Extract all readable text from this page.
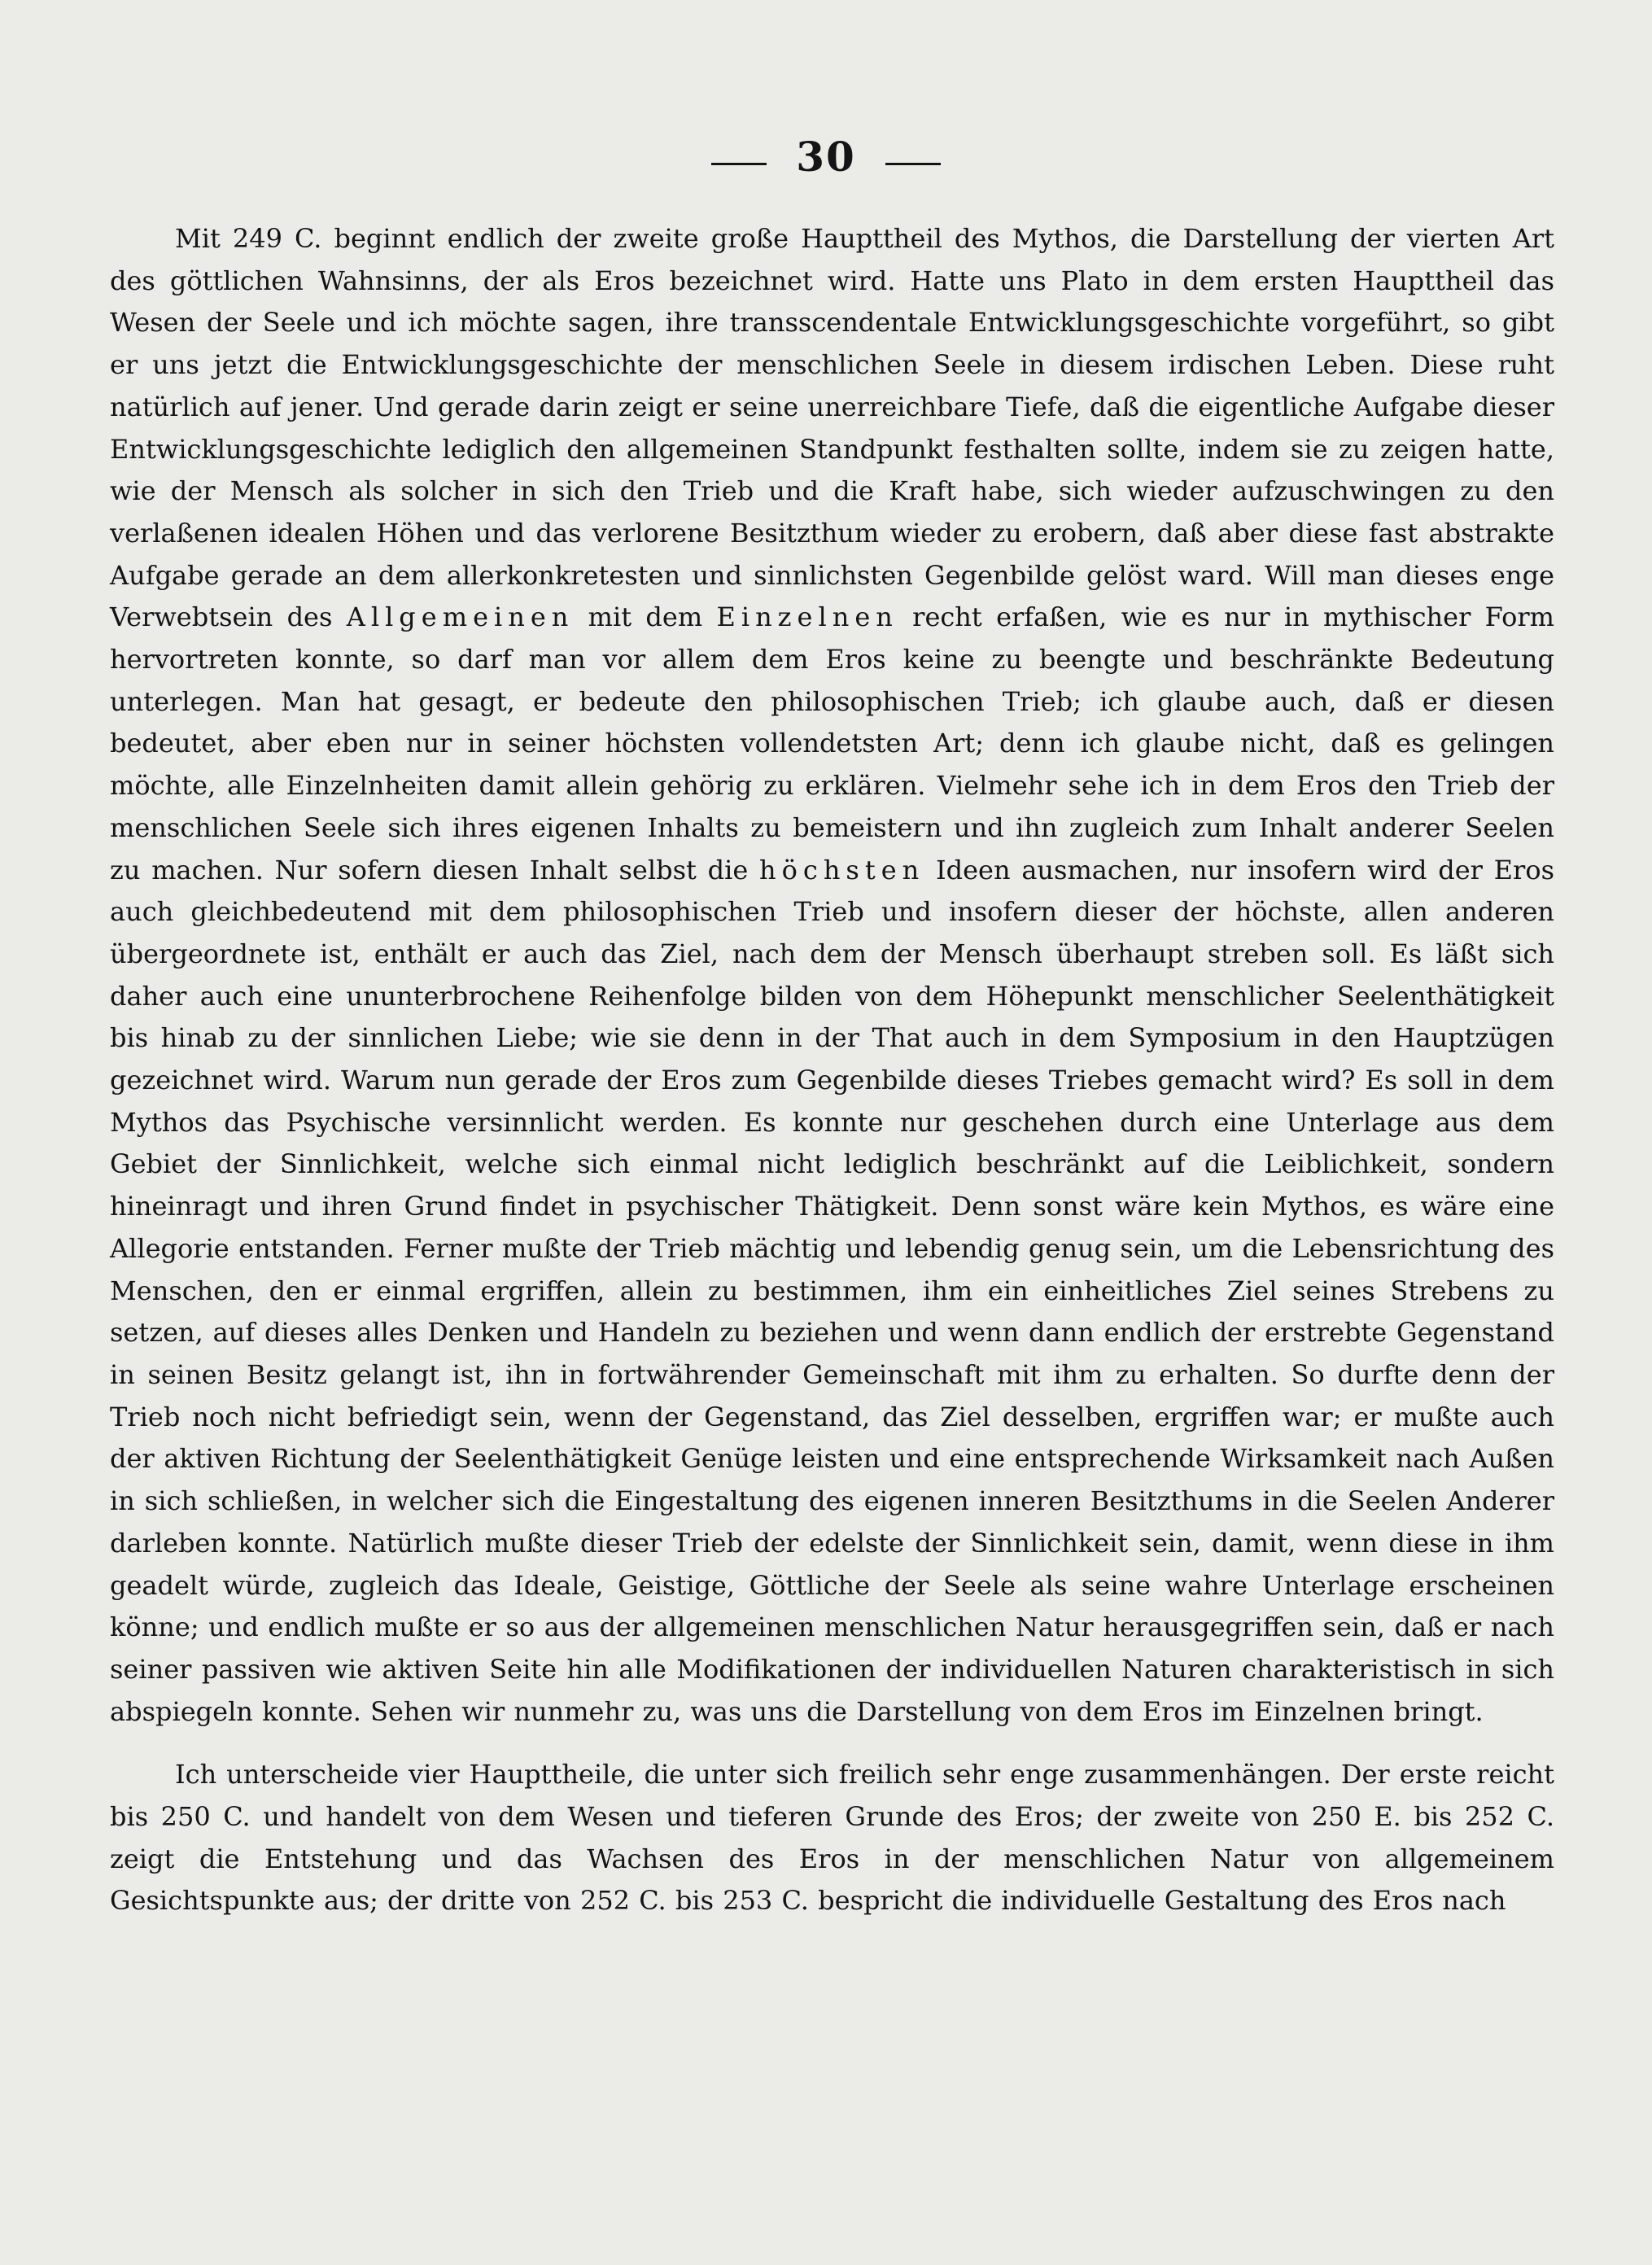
30

Mit 249 C. beginnt endlich der zweite große Haupttheil des Mythos, die Darstellung der vierten Art des göttlichen Wahnsinns, der als Eros bezeichnet wird. Hatte uns Plato in dem ersten Haupttheil das Wesen der Seele und ich möchte sagen, ihre transscendentale Entwicklungsgeschichte vorgeführt, so gibt er uns jetzt die Entwicklungsgeschichte der menschlichen Seele in diesem irdischen Leben. Diese ruht natürlich auf jener. Und gerade darin zeigt er seine unerreichbare Tiefe, daß die eigentliche Aufgabe dieser Entwicklungsgeschichte lediglich den allgemeinen Standpunkt festhalten sollte, indem sie zu zeigen hatte, wie der Mensch als solcher in sich den Trieb und die Kraft habe, sich wieder aufzuschwingen zu den verlaßenen idealen Höhen und das verlorene Besitzthum wieder zu erobern, daß aber diese fast abstrakte Aufgabe gerade an dem allerkonkretesten und sinnlichsten Gegenbilde gelöst ward. Will man dieses enge Verwebtsein des Allgemeinen mit dem Einzelnen recht erfaßen, wie es nur in mythischer Form hervortreten konnte, so darf man vor allem dem Eros keine zu beengte und beschränkte Bedeutung unterlegen. Man hat gesagt, er bedeute den philosophischen Trieb; ich glaube auch, daß er diesen bedeutet, aber eben nur in seiner höchsten vollendetsten Art; denn ich glaube nicht, daß es gelingen möchte, alle Einzelnheiten damit allein gehörig zu erklären. Vielmehr sehe ich in dem Eros den Trieb der menschlichen Seele sich ihres eigenen Inhalts zu bemeistern und ihn zugleich zum Inhalt anderer Seelen zu machen. Nur sofern diesen Inhalt selbst die höchsten Ideen ausmachen, nur insofern wird der Eros auch gleichbedeutend mit dem philosophischen Trieb und insofern dieser der höchste, allen anderen übergeordnete ist, enthält er auch das Ziel, nach dem der Mensch überhaupt streben soll. Es läßt sich daher auch eine ununterbrochene Reihenfolge bilden von dem Höhepunkt menschlicher Seelenthätigkeit bis hinab zu der sinnlichen Liebe; wie sie denn in der That auch in dem Symposium in den Hauptzügen gezeichnet wird. Warum nun gerade der Eros zum Gegenbilde dieses Triebes gemacht wird? Es soll in dem Mythos das Psychische versinnlicht werden. Es konnte nur geschehen durch eine Unterlage aus dem Gebiet der Sinnlichkeit, welche sich einmal nicht lediglich beschränkt auf die Leiblichkeit, sondern hineinragt und ihren Grund findet in psychischer Thätigkeit. Denn sonst wäre kein Mythos, es wäre eine Allegorie entstanden. Ferner mußte der Trieb mächtig und lebendig genug sein, um die Lebensrichtung des Menschen, den er einmal ergriffen, allein zu bestimmen, ihm ein einheitliches Ziel seines Strebens zu setzen, auf dieses alles Denken und Handeln zu beziehen und wenn dann endlich der erstrebte Gegenstand in seinen Besitz gelangt ist, ihn in fortwährender Gemeinschaft mit ihm zu erhalten. So durfte denn der Trieb noch nicht befriedigt sein, wenn der Gegenstand, das Ziel desselben, ergriffen war; er mußte auch der aktiven Richtung der Seelenthätigkeit Genüge leisten und eine entsprechende Wirksamkeit nach Außen in sich schließen, in welcher sich die Eingestaltung des eigenen inneren Besitzthums in die Seelen Anderer darleben konnte. Natürlich mußte dieser Trieb der edelste der Sinnlichkeit sein, damit, wenn diese in ihm geadelt würde, zugleich das Ideale, Geistige, Göttliche der Seele als seine wahre Unterlage erscheinen könne; und endlich mußte er so aus der allgemeinen menschlichen Natur herausgegriffen sein, daß er nach seiner passiven wie aktiven Seite hin alle Modifikationen der individuellen Naturen charakteristisch in sich abspiegeln konnte. Sehen wir nunmehr zu, was uns die Darstellung von dem Eros im Einzelnen bringt.

Ich unterscheide vier Haupttheile, die unter sich freilich sehr enge zusammenhängen. Der erste reicht bis 250 C. und handelt von dem Wesen und tieferen Grunde des Eros; der zweite von 250 E. bis 252 C. zeigt die Entstehung und das Wachsen des Eros in der menschlichen Natur von allgemeinem Gesichtspunkte aus; der dritte von 252 C. bis 253 C. bespricht die individuelle Gestaltung des Eros nach
